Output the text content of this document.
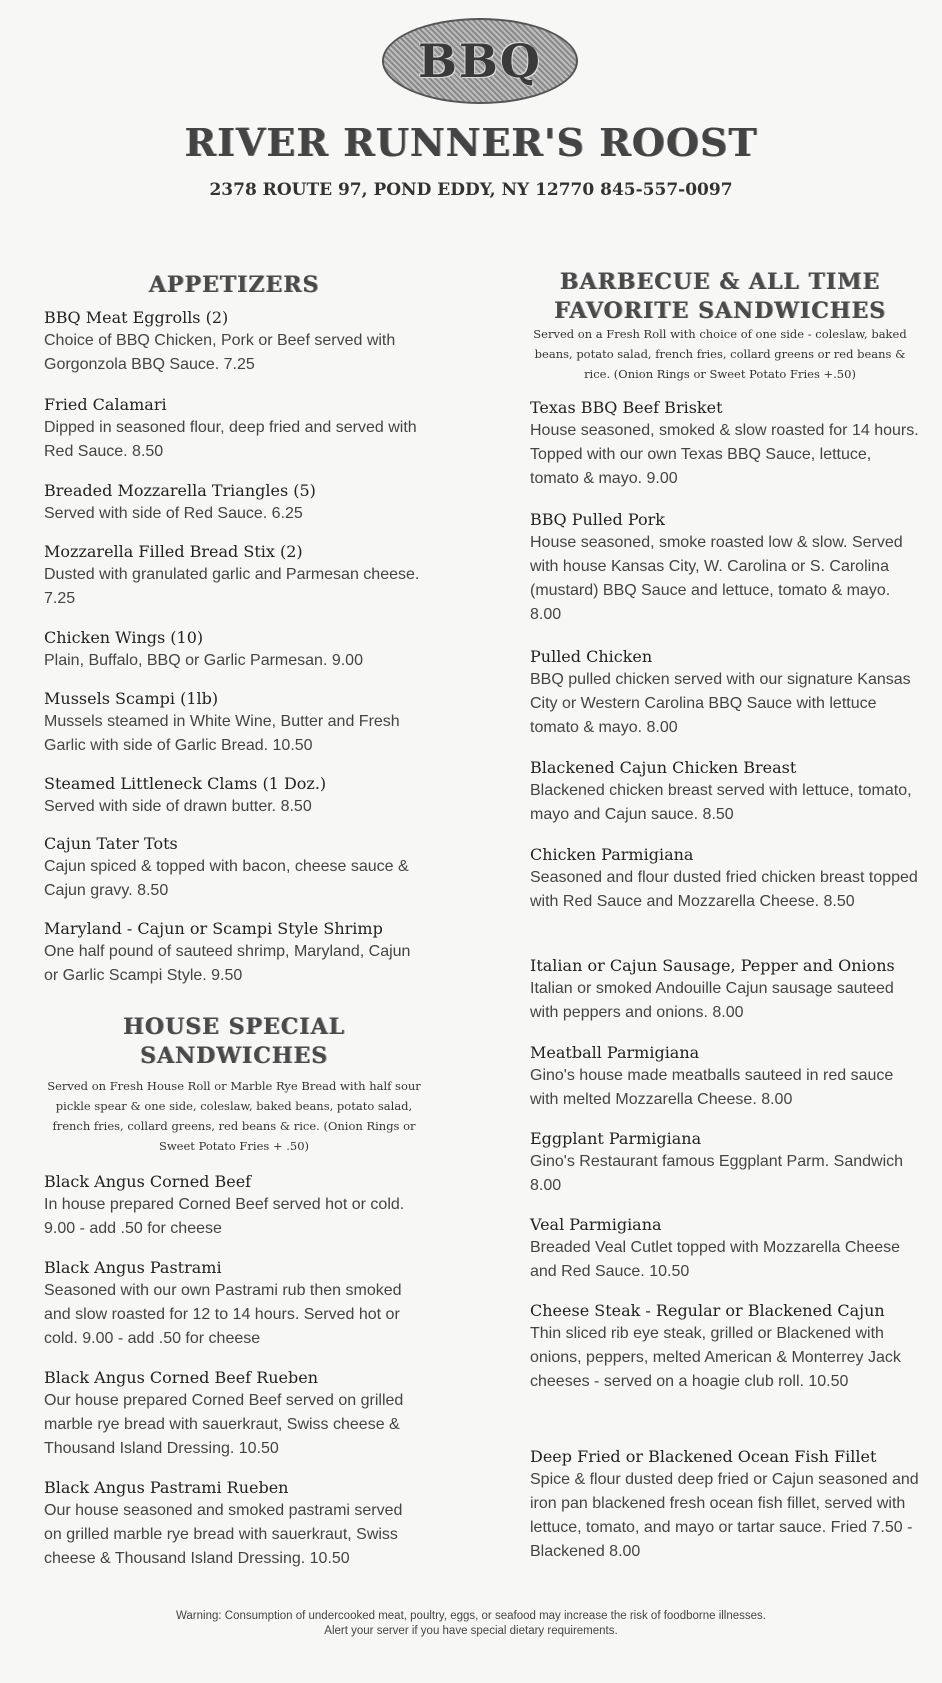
BBQ
RIVER RUNNER'S ROOST
2378 ROUTE 97, POND EDDY, NY 12770 845-557-0097
APPETIZERS
BBQ Meat Eggrolls (2)
Choice of BBQ Chicken, Pork or Beef served with Gorgonzola BBQ Sauce. 7.25
Fried Calamari
Dipped in seasoned flour, deep fried and served with Red Sauce. 8.50
Breaded Mozzarella Triangles (5)
Served with side of Red Sauce. 6.25
Mozzarella Filled Bread Stix (2)
Dusted with granulated garlic and Parmesan cheese. 7.25
Chicken Wings (10)
Plain, Buffalo, BBQ or Garlic Parmesan. 9.00
Mussels Scampi (1lb)
Mussels steamed in White Wine, Butter and Fresh Garlic with side of Garlic Bread. 10.50
Steamed Littleneck Clams (1 Doz.)
Served with side of drawn butter. 8.50
Cajun Tater Tots
Cajun spiced & topped with bacon, cheese sauce & Cajun gravy. 8.50
Maryland - Cajun or Scampi Style Shrimp
One half pound of sauteed shrimp, Maryland, Cajun or Garlic Scampi Style. 9.50
HOUSE SPECIAL
SANDWICHES
Served on Fresh House Roll or Marble Rye Bread with half sour pickle spear & one side, coleslaw, baked beans, potato salad, french fries, collard greens, red beans & rice. (Onion Rings or Sweet Potato Fries + .50)
Black Angus Corned Beef
In house prepared Corned Beef served hot or cold. 9.00 - add .50 for cheese
Black Angus Pastrami
Seasoned with our own Pastrami rub then smoked and slow roasted for 12 to 14 hours. Served hot or cold. 9.00 - add .50 for cheese
Black Angus Corned Beef Rueben
Our house prepared Corned Beef served on grilled marble rye bread with sauerkraut, Swiss cheese & Thousand Island Dressing. 10.50
Black Angus Pastrami Rueben
Our house seasoned and smoked pastrami served on grilled marble rye bread with sauerkraut, Swiss cheese & Thousand Island Dressing. 10.50
BARBECUE & ALL TIME
FAVORITE SANDWICHES
Served on a Fresh Roll with choice of one side - coleslaw, baked beans, potato salad, french fries, collard greens or red beans & rice. (Onion Rings or Sweet Potato Fries +.50)
Texas BBQ Beef Brisket
House seasoned, smoked & slow roasted for 14 hours. Topped with our own Texas BBQ Sauce, lettuce, tomato & mayo. 9.00
BBQ Pulled Pork
House seasoned, smoke roasted low & slow. Served with house Kansas City, W. Carolina or S. Carolina (mustard) BBQ Sauce and lettuce, tomato & mayo. 8.00
Pulled Chicken
BBQ pulled chicken served with our signature Kansas City or Western Carolina BBQ Sauce with lettuce tomato & mayo. 8.00
Blackened Cajun Chicken Breast
Blackened chicken breast served with lettuce, tomato, mayo and Cajun sauce. 8.50
Chicken Parmigiana
Seasoned and flour dusted fried chicken breast topped with Red Sauce and Mozzarella Cheese. 8.50
Italian or Cajun Sausage, Pepper and Onions
Italian or smoked Andouille Cajun sausage sauteed with peppers and onions. 8.00
Meatball Parmigiana
Gino's house made meatballs sauteed in red sauce with melted Mozzarella Cheese. 8.00
Eggplant Parmigiana
Gino's Restaurant famous Eggplant Parm. Sandwich 8.00
Veal Parmigiana
Breaded Veal Cutlet topped with Mozzarella Cheese and Red Sauce. 10.50
Cheese Steak - Regular or Blackened Cajun
Thin sliced rib eye steak, grilled or Blackened with onions, peppers, melted American & Monterrey Jack cheeses - served on a hoagie club roll. 10.50
Deep Fried or Blackened Ocean Fish Fillet
Spice & flour dusted deep fried or Cajun seasoned and iron pan blackened fresh ocean fish fillet, served with lettuce, tomato, and mayo or tartar sauce. Fried 7.50 - Blackened 8.00
Warning: Consumption of undercooked meat, poultry, eggs, or seafood may increase the risk of foodborne illnesses.
Alert your server if you have special dietary requirements.
